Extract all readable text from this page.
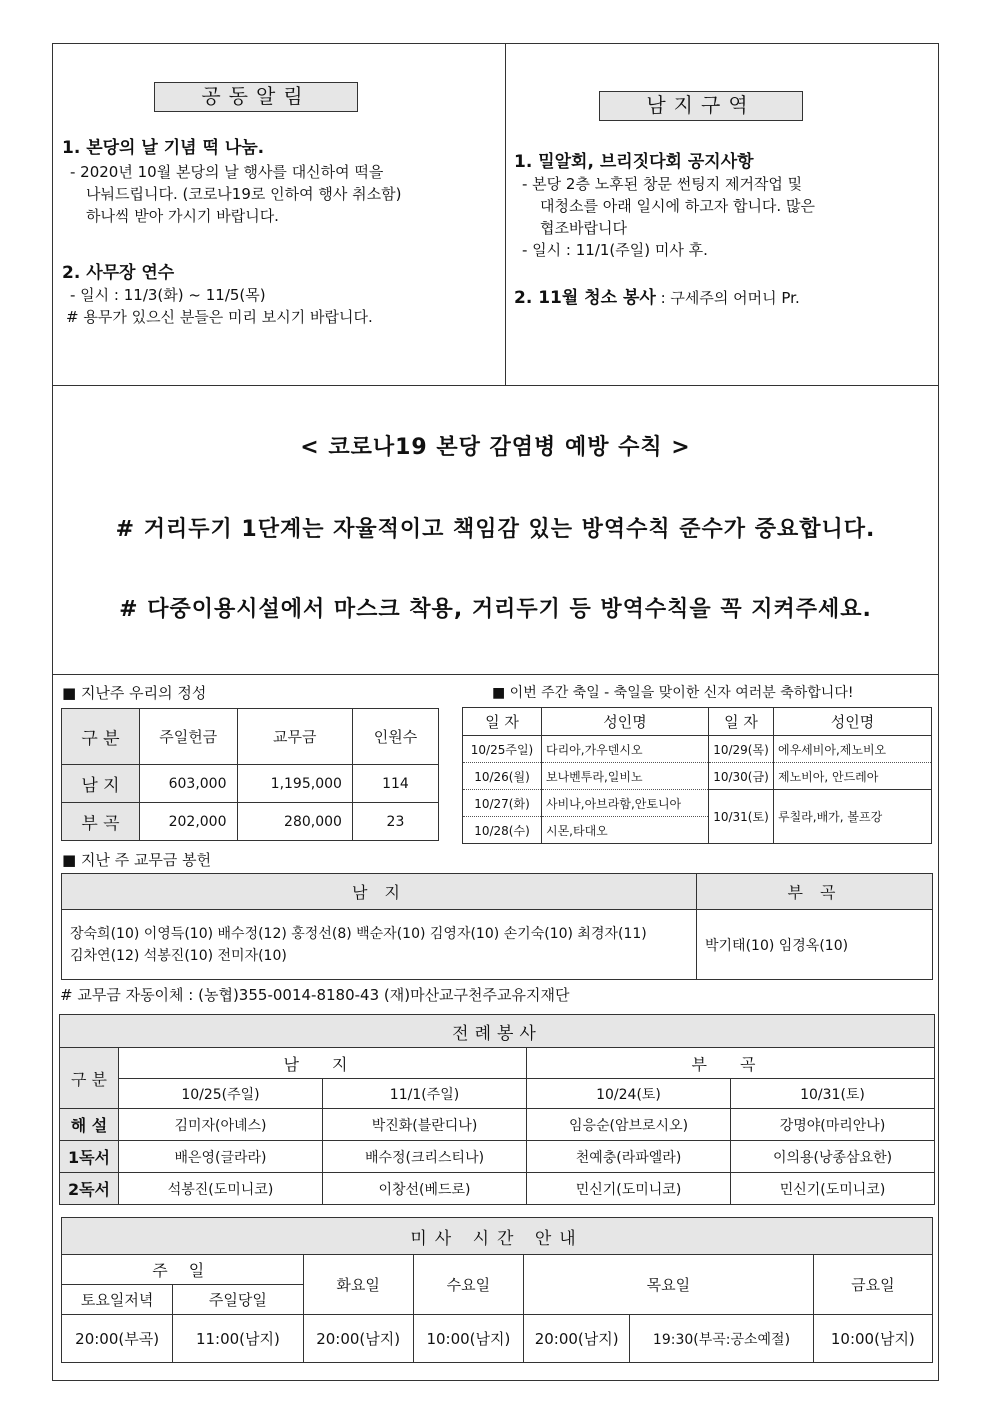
공동알림
1. 본당의 날 기념 떡 나눔.
- 2020년 10월 본당의 날 행사를 대신하여 떡을
나눠드립니다. (코로나19로 인하여 행사 취소함)
하나씩 받아 가시기 바랍니다.
2. 사무장 연수
- 일시 : 11/3(화) ~ 11/5(목)
# 용무가 있으신 분들은 미리 보시기 바랍니다.
남지구역
1. 밀알회, 브리짓다회 공지사항
- 본당 2층 노후된 창문 썬팅지 제거작업 및
대청소를 아래 일시에 하고자 합니다. 많은
협조바랍니다
- 일시 : 11/1(주일) 미사 후.
2. 11월 청소 봉사 : 구세주의 어머니 Pr.
< 코로나19 본당 감염병 예방 수칙 >
# 거리두기 1단계는 자율적이고 책임감 있는 방역수칙 준수가 중요합니다.
# 다중이용시설에서 마스크 착용, 거리두기 등 방역수칙을 꼭 지켜주세요.
■ 지난주 우리의 정성
구 분	주일헌금	교무금	인원수
남 지	603,000	1,195,000	114
부 곡	202,000	280,000	23
■ 이번 주간 축일 - 축일을 맞이한 신자 여러분 축하합니다!
일 자	성인명	일 자	성인명
10/25주일)	다리아,가우덴시오	10/29(목)	에우세비아,제노비오
10/26(월)	보나벤투라,일비노	10/30(금)	제노비아, 안드레아
10/27(화)	사비나,아브라함,안토니아	10/31(토)	루칠라,배가, 볼프강
10/28(수)	시몬,타대오		
■ 지난 주 교무금 봉헌
남 지	부 곡

장숙희(10) 이영득(10) 배수정(12) 홍정선(8) 백순자(10) 김영자(10) 손기숙(10) 최경자(11)
김차연(12) 석봉진(10) 전미자(10)	박기태(10) 임경옥(10)
# 교무금 자동이체 : (농협)355-0014-8180-43 (재)마산교구천주교유지재단
전례봉사				
구 분	남 지		부 곡	
	10/25(주일)	11/1(주일)	10/24(토)	10/31(토)
해 설	김미자(아녜스)	박진화(블란디나)	임응순(암브로시오)	강명야(마리안나)
1독서	배은영(글라라)	배수정(크리스티나)	천예충(라파엘라)	이의용(낭종삼요한)
2독서	석봉진(도미니코)	이창선(베드로)	민신기(도미니코)	민신기(도미니코)
미사 시간 안내						
주 일		화요일	수요일	목요일		금요일
토요일저녁	주일당일					
20:00(부곡)	11:00(남지)	20:00(남지)	10:00(남지)	20:00(남지)	19:30(부곡:공소예절)	10:00(남지)
